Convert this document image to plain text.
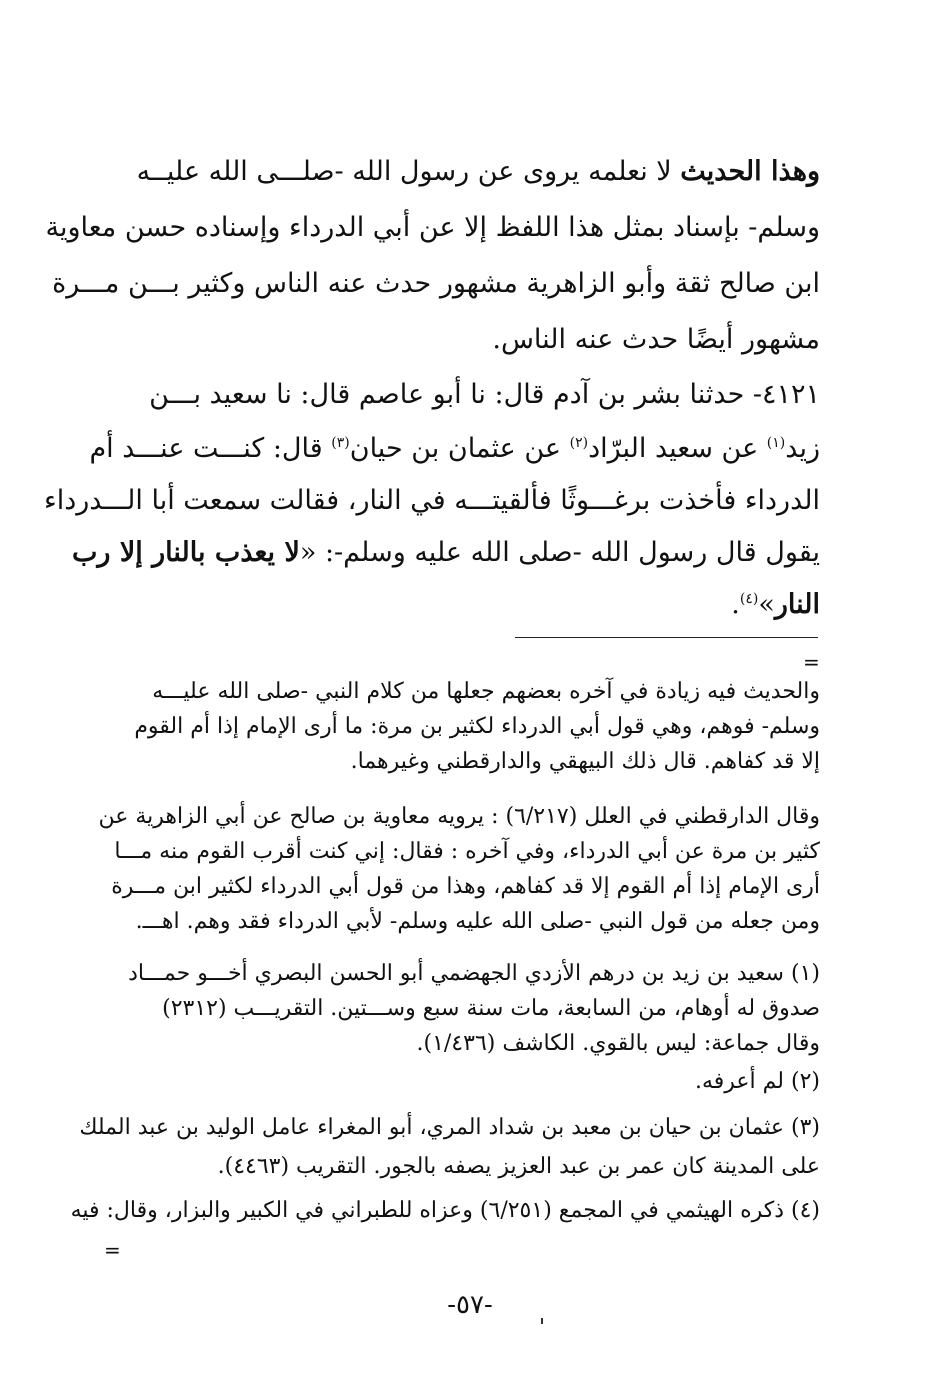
وهذا الحديث لا نعلمه يروى عن رسول الله -صلـــى الله عليــه
وسلم- بإسناد بمثل هذا اللفظ إلا عن أبي الدرداء وإسناده حسن معاوية
ابن صالح ثقة وأبو الزاهرية مشهور حدث عنه الناس وكثير بـــن مـــرة
مشهور أيضًا حدث عنه الناس.
٤١٢١- حدثنا بشر بن آدم قال: نا أبو عاصم قال: نا سعيد بـــن
زيد$^{(١)}$ عن سعيد البرّاد$^{(٢)}$ عن عثمان بن حيان$^{(٣)}$ قال: كنـــت عنـــد أم
الدرداء فأخذت برغـــوثًا فألقيتـــه في النار، فقالت سمعت أبا الـــدرداء
يقول قال رسول الله -صلى الله عليه وسلم-: «لا يعذب بالنار إلا رب
النار»$^{(٤)}$.
=
والحديث فيه زيادة في آخره بعضهم جعلها من كلام النبي -صلى الله عليـــه
وسلم- فوهم، وهي قول أبي الدرداء لكثير بن مرة: ما أرى الإمام إذا أم القوم
إلا قد كفاهم. قال ذلك البيهقي والدارقطني وغيرهما.
وقال الدارقطني في العلل (٦/٢١٧) : يرويه معاوية بن صالح عن أبي الزاهرية عن
كثير بن مرة عن أبي الدرداء، وفي آخره : فقال: إني كنت أقرب القوم منه مـــا
أرى الإمام إذا أم القوم إلا قد كفاهم، وهذا من قول أبي الدرداء لكثير ابن مـــرة
ومن جعله من قول النبي -صلى الله عليه وسلم- لأبي الدرداء فقد وهم. اهـــ.
(١) سعيد بن زيد بن درهم الأزدي الجهضمي أبو الحسن البصري أخـــو حمـــاد
صدوق له أوهام، من السابعة، مات سنة سبع وســـتين. التقريـــب (٢٣١٢)
وقال جماعة: ليس بالقوي. الكاشف (١/٤٣٦).
(٢) لم أعرفه.
(٣) عثمان بن حيان بن معبد بن شداد المري، أبو المغراء عامل الوليد بن عبد الملك
على المدينة كان عمر بن عبد العزيز يصفه بالجور. التقريب (٤٤٦٣).
(٤) ذكره الهيثمي في المجمع (٦/٢٥١) وعزاه للطبراني في الكبير والبزار، وقال: فيه
=
-٥٧-
